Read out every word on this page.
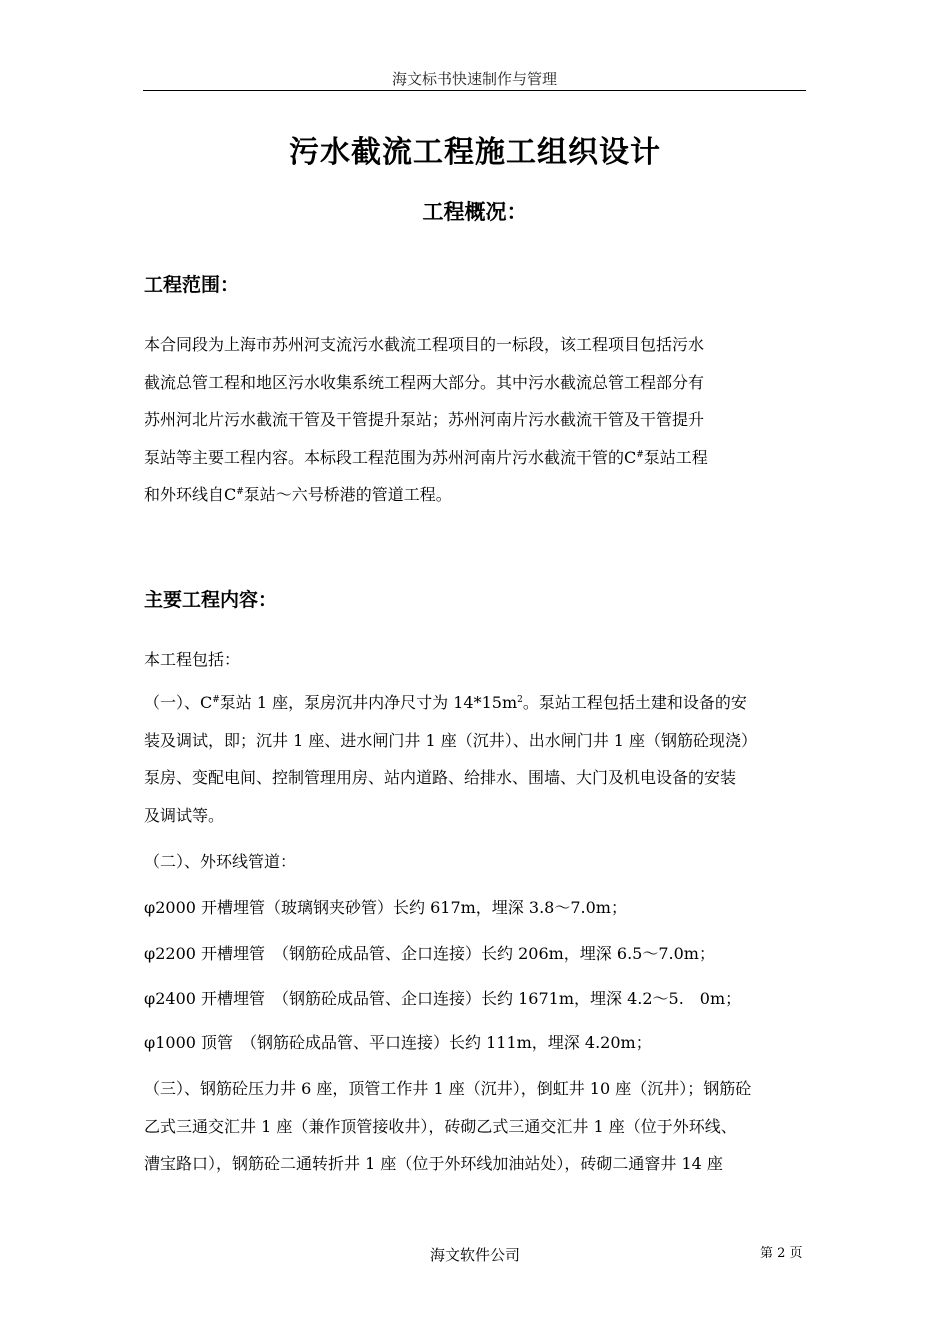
海文标书快速制作与管理
污水截流工程施工组织设计
工程概况：
工程范围：
本合同段为上海市苏州河支流污水截流工程项目的一标段，该工程项目包括污水
截流总管工程和地区污水收集系统工程两大部分。其中污水截流总管工程部分有
苏州河北片污水截流干管及干管提升泵站；苏州河南片污水截流干管及干管提升
泵站等主要工程内容。本标段工程范围为苏州河南片污水截流干管的C#泵站工程
和外环线自C#泵站～六号桥港的管道工程。
主要工程内容：
本工程包括：
（一）、C#泵站 1 座，泵房沉井内净尺寸为 $14*15m^2$。泵站工程包括土建和设备的安
装及调试，即；沉井 1 座、进水闸门井 1 座（沉井）、出水闸门井 1 座（钢筋砼现浇）
泵房、变配电间、控制管理用房、站内道路、给排水、围墙、大门及机电设备的安装
及调试等。
（二）、外环线管道：
φ2000 开槽埋管（玻璃钢夹砂管）长约 617m，埋深 3.8～7.0m；
φ2200 开槽埋管　（钢筋砼成品管、企口连接）长约 206m，埋深 6.5～7.0m；
φ2400 开槽埋管　（钢筋砼成品管、企口连接）长约 1671m，埋深 4.2～5.　0m；
φ1000 顶管　（钢筋砼成品管、平口连接）长约 111m，埋深 4.20m；
（三）、钢筋砼压力井 6 座，顶管工作井 1 座（沉井），倒虹井 10 座（沉井）；钢筋砼
乙式三通交汇井 1 座（兼作顶管接收井），砖砌乙式三通交汇井 1 座（位于外环线、
漕宝路口），钢筋砼二通转折井 1 座（位于外环线加油站处），砖砌二通窨井 14 座
海文软件公司	第 2 页
